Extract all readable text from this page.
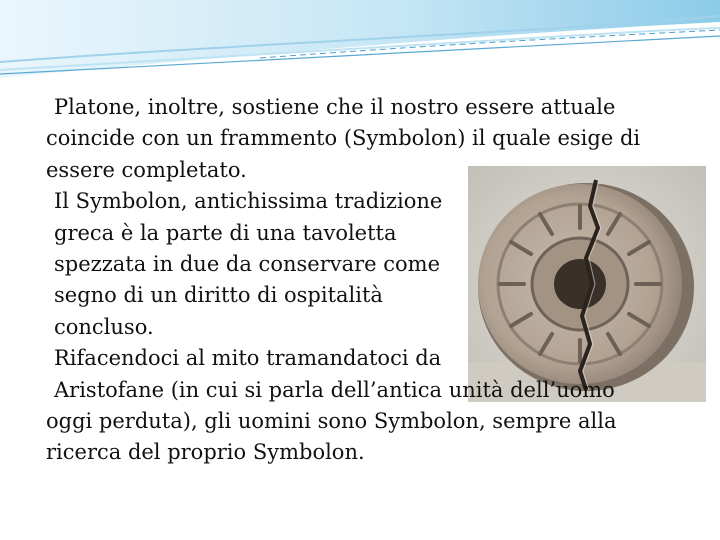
Platone, inoltre, sostiene che il nostro essere attuale

coincide con un frammento (Symbolon) il quale esige di

essere completato.

Il Symbolon, antichissima tradizione

greca è la parte di una tavoletta

spezzata in due da conservare come

segno di un diritto di ospitalità

concluso.

Rifacendoci al mito tramandatoci da

Aristofane (in cui si parla dell’antica unità dell’uomo

oggi perduta), gli uomini sono Symbolon, sempre alla

ricerca del proprio Symbolon.
